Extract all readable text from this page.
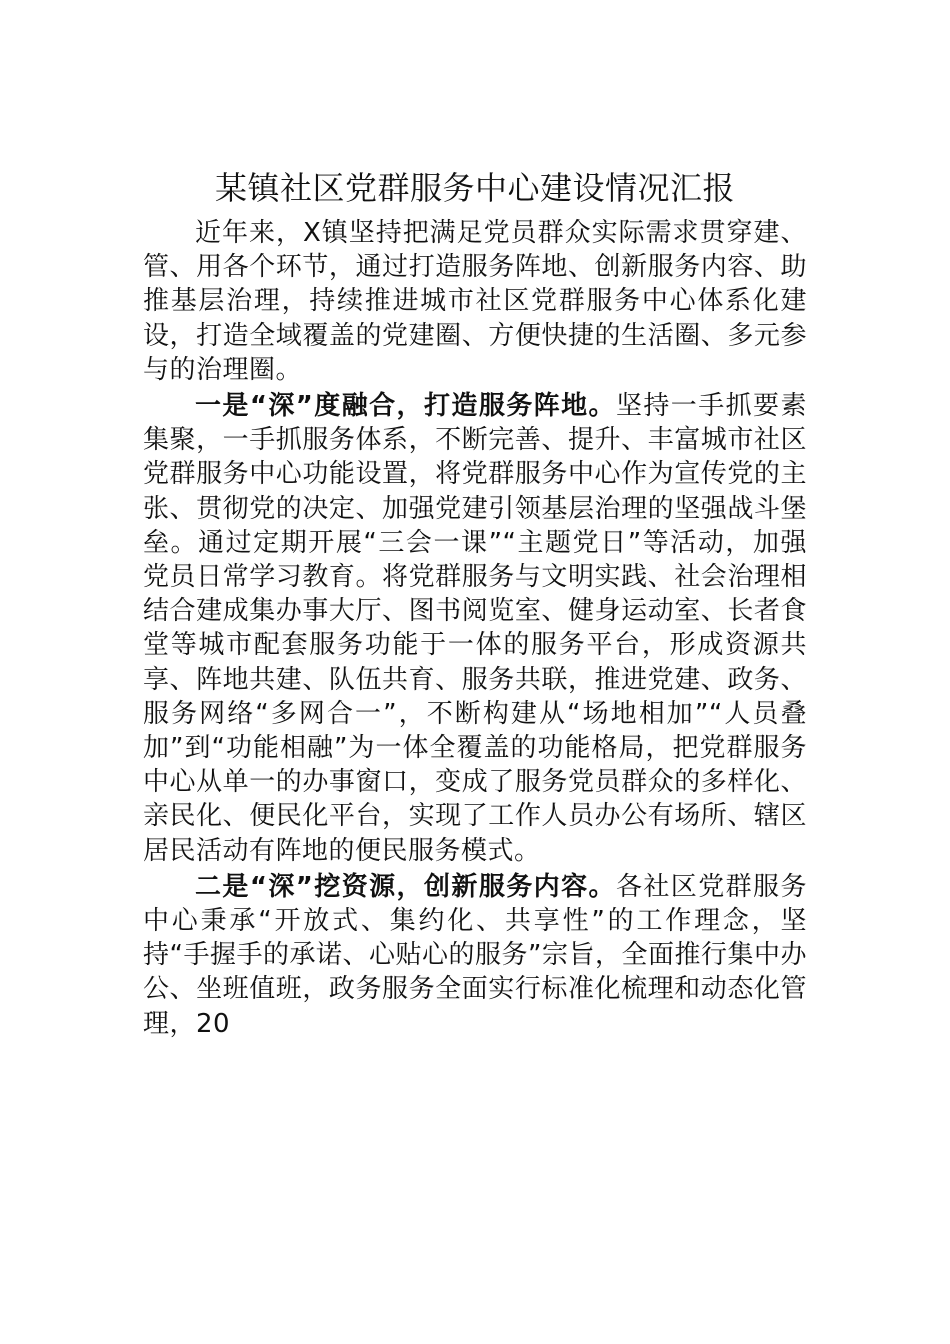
某镇社区党群服务中心建设情况汇报

近年来，X镇坚持把满足党员群众实际需求贯穿建、管、用各个环节，通过打造服务阵地、创新服务内容、助推基层治理，持续推进城市社区党群服务中心体系化建设，打造全域覆盖的党建圈、方便快捷的生活圈、多元参与的治理圈。

一是“深”度融合，打造服务阵地。坚持一手抓要素集聚，一手抓服务体系，不断完善、提升、丰富城市社区党群服务中心功能设置，将党群服务中心作为宣传党的主张、贯彻党的决定、加强党建引领基层治理的坚强战斗堡垒。通过定期开展“三会一课”“主题党日”等活动，加强党员日常学习教育。将党群服务与文明实践、社会治理相结合建成集办事大厅、图书阅览室、健身运动室、长者食堂等城市配套服务功能于一体的服务平台，形成资源共享、阵地共建、队伍共育、服务共联，推进党建、政务、服务网络“多网合一”，不断构建从“场地相加”“人员叠加”到“功能相融”为一体全覆盖的功能格局，把党群服务中心从单一的办事窗口，变成了服务党员群众的多样化、亲民化、便民化平台，实现了工作人员办公有场所、辖区居民活动有阵地的便民服务模式。

二是“深”挖资源，创新服务内容。各社区党群服务中心秉承“开放式、集约化、共享性”的工作理念，坚持“手握手的承诺、心贴心的服务”宗旨，全面推行集中办公、坐班值班，政务服务全面实行标准化梳理和动态化管理，20
